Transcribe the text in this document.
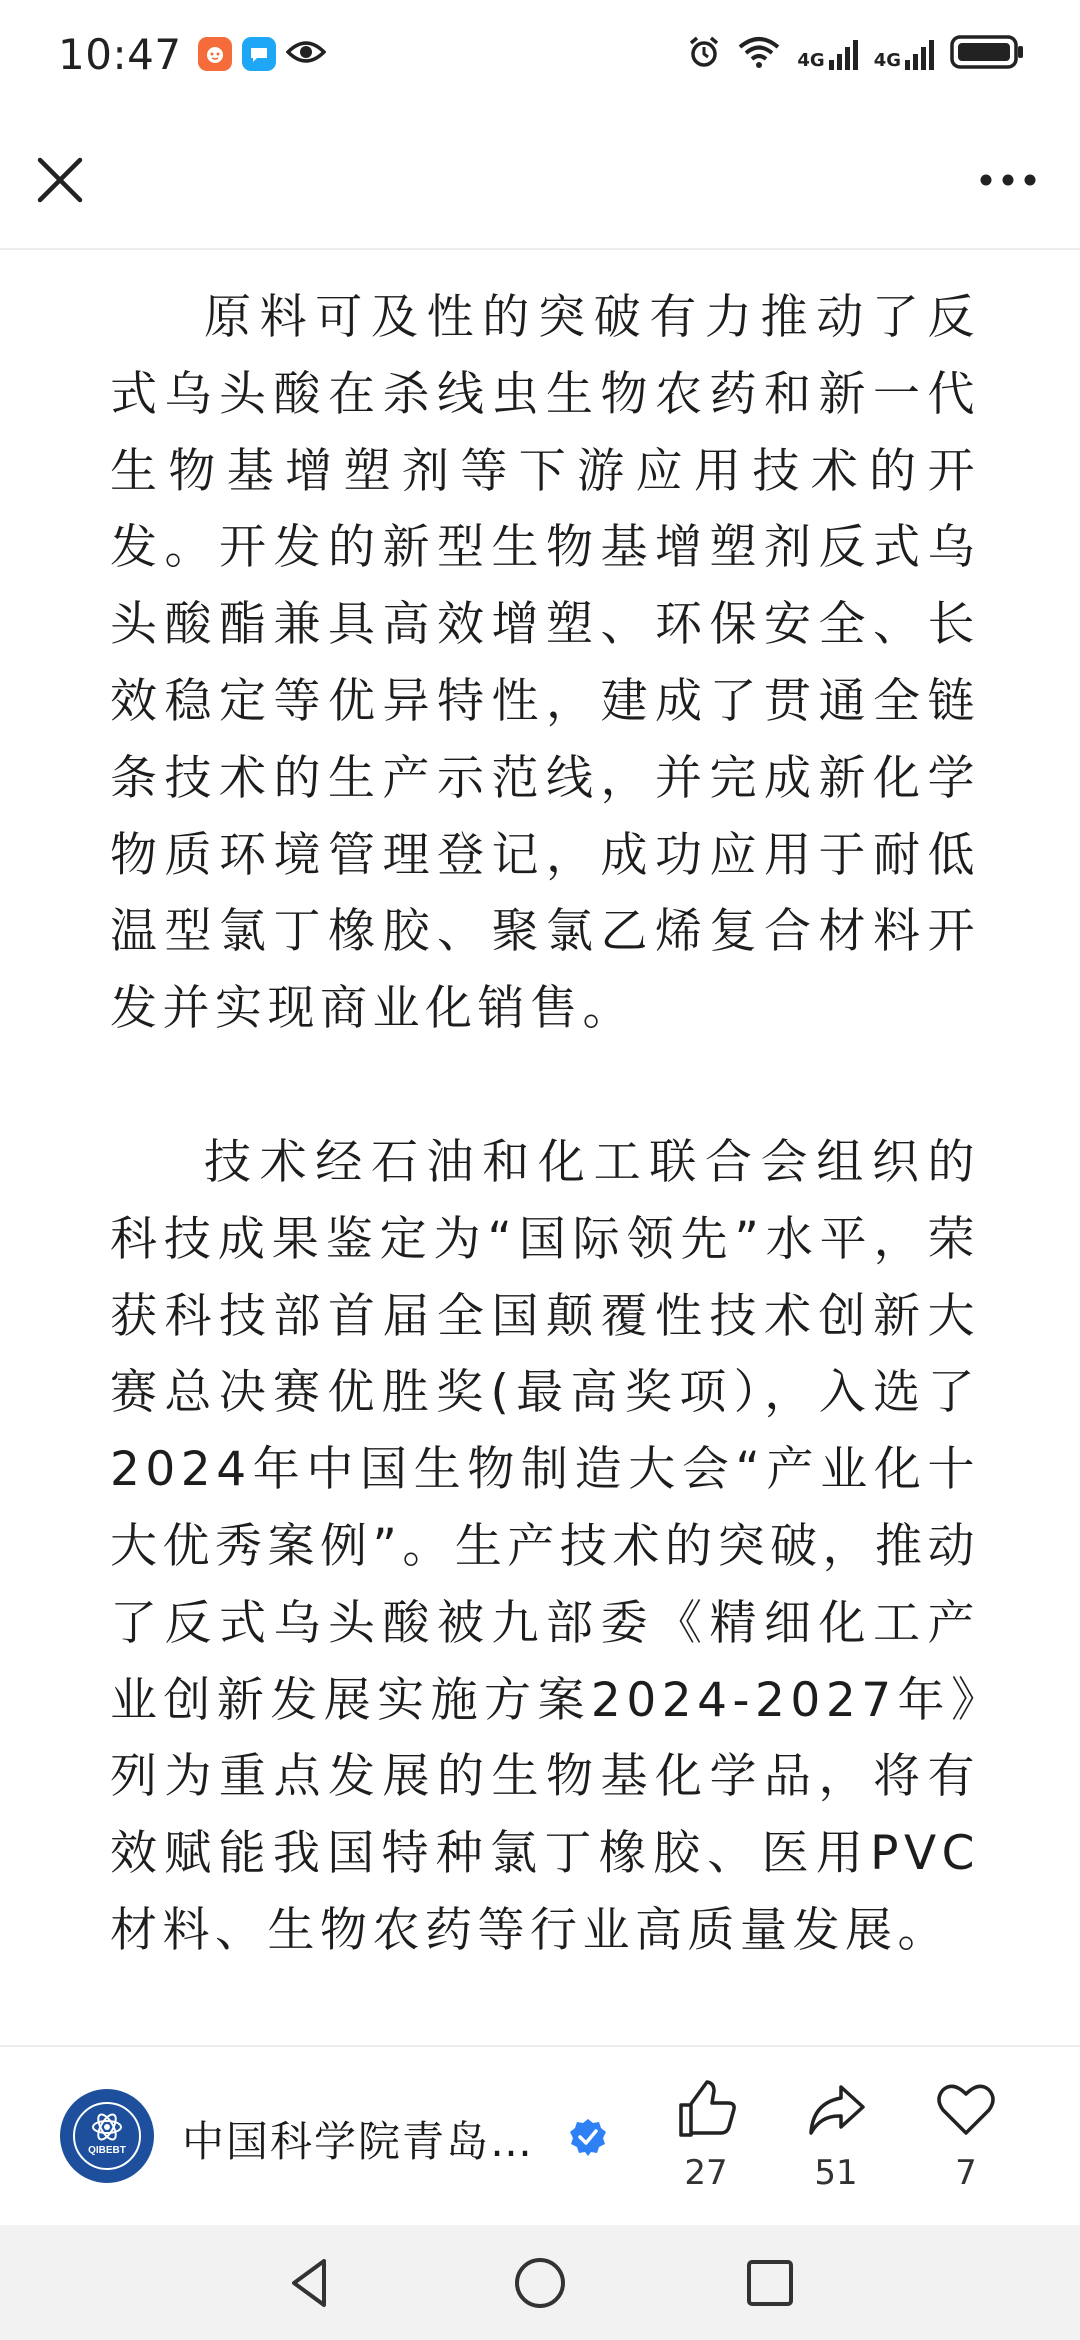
10:47	4G	4G

原料可及性的突破有力推动了反式乌头酸在杀线虫生物农药和新一代生物基增塑剂等下游应用技术的开发。开发的新型生物基增塑剂反式乌头酸酯兼具高效增塑、环保安全、长效稳定等优异特性，建成了贯通全链条技术的生产示范线，并完成新化学物质环境管理登记，成功应用于耐低温型氯丁橡胶、聚氯乙烯复合材料开发并实现商业化销售。

技术经石油和化工联合会组织的科技成果鉴定为“国际领先”水平，荣获科技部首届全国颠覆性技术创新大赛总决赛优胜奖(最高奖项），入选了2024年中国生物制造大会“产业化十大优秀案例”。生产技术的突破，推动了反式乌头酸被九部委《精细化工产业创新发展实施方案2024-2027年》列为重点发展的生物基化学品，将有效赋能我国特种氯丁橡胶、医用PVC材料、生物农药等行业高质量发展。

QIBEBT 中国科学院青岛…
27	51	7
